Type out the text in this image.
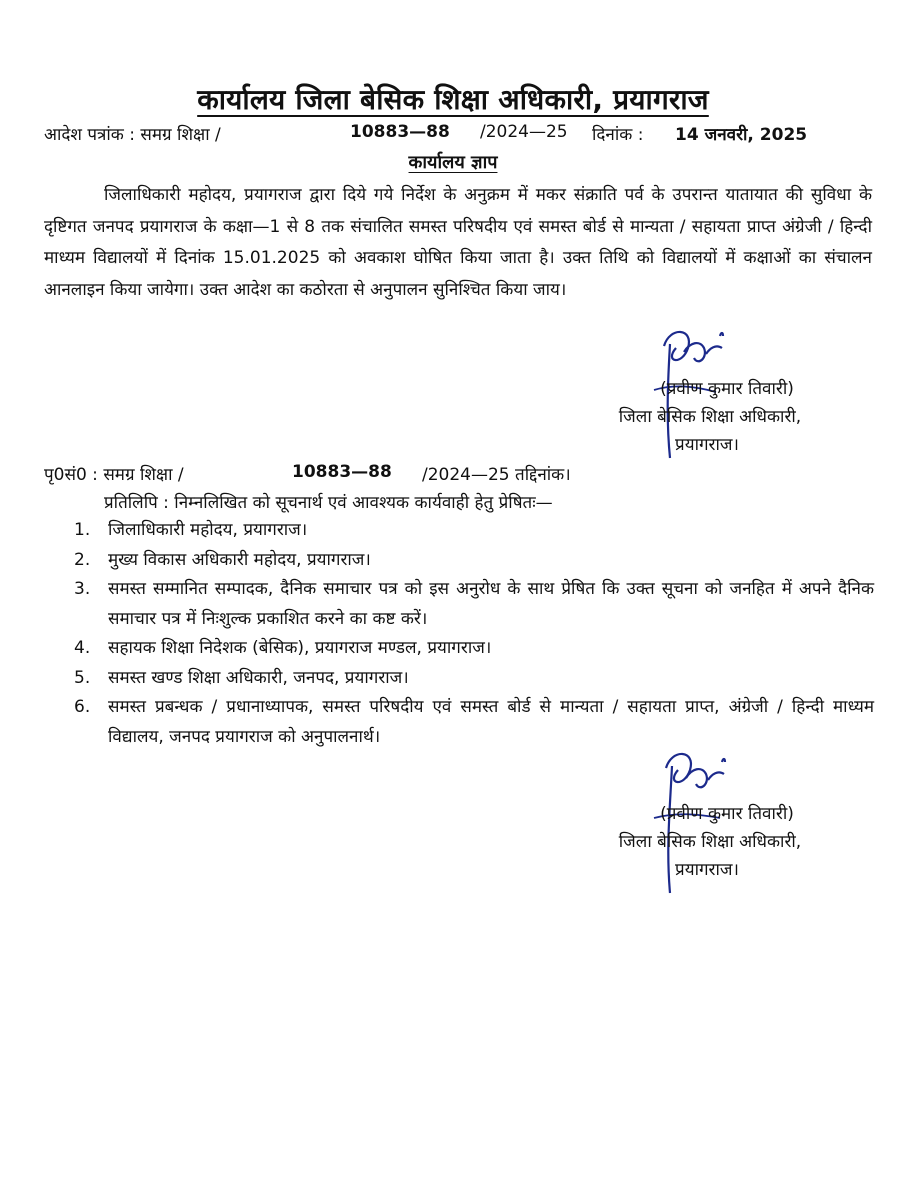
कार्यालय जिला बेसिक शिक्षा अधिकारी, प्रयागराज
आदेश पत्रांक : समग्र शिक्षा /	10883—88 /2024—25 दिनांक : 14 जनवरी, 2025
कार्यालय ज्ञाप

जिलाधिकारी महोदय, प्रयागराज द्वारा दिये गये निर्देश के अनुक्रम में मकर संक्राति पर्व के उपरान्त यातायात की सुविधा के दृष्टिगत जनपद प्रयागराज के कक्षा—1 से 8 तक संचालित समस्त परिषदीय एवं समस्त बोर्ड से मान्यता / सहायता प्राप्त अंग्रेजी / हिन्दी माध्यम विद्यालयों में दिनांक 15.01.2025 को अवकाश घोषित किया जाता है। उक्त तिथि को विद्यालयों में कक्षाओं का संचालन आनलाइन किया जायेगा। उक्त आदेश का कठोरता से अनुपालन सुनिश्चित किया जाय।

(प्रवीण कुमार तिवारी)
जिला बेसिक शिक्षा अधिकारी,
प्रयागराज।
पृ0सं0 : समग्र शिक्षा /	10883—88 /2024—25 तद्दिनांक।
प्रतिलिपि : निम्नलिखित को सूचनार्थ एवं आवश्यक कार्यवाही हेतु प्रेषितः—
1. जिलाधिकारी महोदय, प्रयागराज।
2. मुख्य विकास अधिकारी महोदय, प्रयागराज।
3. समस्त सम्मानित सम्पादक, दैनिक समाचार पत्र को इस अनुरोध के साथ प्रेषित कि उक्त सूचना को जनहित में अपने दैनिक समाचार पत्र में निःशुल्क प्रकाशित करने का कष्ट करें।
4. सहायक शिक्षा निदेशक (बेसिक), प्रयागराज मण्डल, प्रयागराज।
5. समस्त खण्ड शिक्षा अधिकारी, जनपद, प्रयागराज।
6. समस्त प्रबन्धक / प्रधानाध्यापक, समस्त परिषदीय एवं समस्त बोर्ड से मान्यता / सहायता प्राप्त, अंग्रेजी / हिन्दी माध्यम विद्यालय, जनपद प्रयागराज को अनुपालनार्थ।
(प्रवीण कुमार तिवारी)
जिला बेसिक शिक्षा अधिकारी,
प्रयागराज।
